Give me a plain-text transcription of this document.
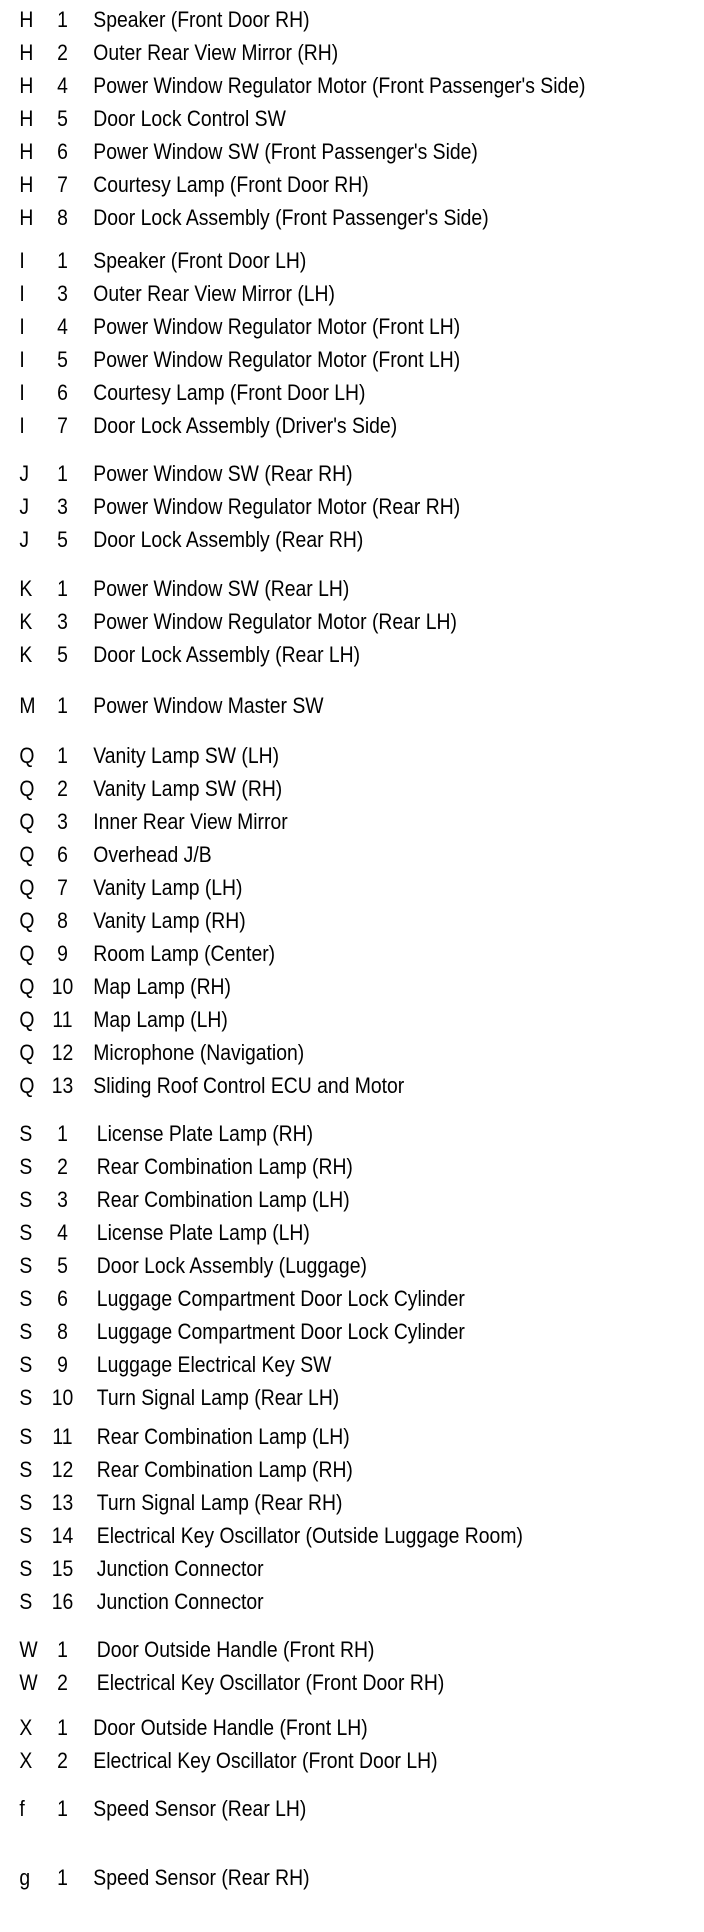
H	1	Speaker (Front Door RH)
H	2	Outer Rear View Mirror (RH)
H	4	Power Window Regulator Motor (Front Passenger's Side)
H	5	Door Lock Control SW
H	6	Power Window SW (Front Passenger's Side)
H	7	Courtesy Lamp (Front Door RH)
H	8	Door Lock Assembly (Front Passenger's Side)
I	1	Speaker (Front Door LH)
I	3	Outer Rear View Mirror (LH)
I	4	Power Window Regulator Motor (Front LH)
I	5	Power Window Regulator Motor (Front LH)
I	6	Courtesy Lamp (Front Door LH)
I	7	Door Lock Assembly (Driver's Side)
J	1	Power Window SW (Rear RH)
J	3	Power Window Regulator Motor (Rear RH)
J	5	Door Lock Assembly (Rear RH)
K	1	Power Window SW (Rear LH)
K	3	Power Window Regulator Motor (Rear LH)
K	5	Door Lock Assembly (Rear LH)
M 1	Power Window Master SW
Q	1	Vanity Lamp SW (LH)
Q	2	Vanity Lamp SW (RH)
Q	3	Inner Rear View Mirror
Q	6	Overhead J/B
Q	7	Vanity Lamp (LH)
Q	8	Vanity Lamp (RH)
Q	9	Room Lamp (Center)
Q 10 Map Lamp (RH)
Q 11 Map Lamp (LH)
Q 12 Microphone (Navigation)
Q 13 Sliding Roof Control ECU and Motor
S	1	License Plate Lamp (RH)
S	2	Rear Combination Lamp (RH)
S	3	Rear Combination Lamp (LH)
S	4	License Plate Lamp (LH)
S	5	Door Lock Assembly (Luggage)
S	6	Luggage Compartment Door Lock Cylinder
S	8	Luggage Compartment Door Lock Cylinder
S	9	Luggage Electrical Key SW
S 10 Turn Signal Lamp (Rear LH)
S 11 Rear Combination Lamp (LH)
S 12 Rear Combination Lamp (RH)
S 13 Turn Signal Lamp (Rear RH)
S 14 Electrical Key Oscillator (Outside Luggage Room)
S 15 Junction Connector
S 16 Junction Connector
W 1	Door Outside Handle (Front RH)
W 2	Electrical Key Oscillator (Front Door RH)
X	1	Door Outside Handle (Front LH)
X	2	Electrical Key Oscillator (Front Door LH)
f	1	Speed Sensor (Rear LH)
g	1	Speed Sensor (Rear RH)
